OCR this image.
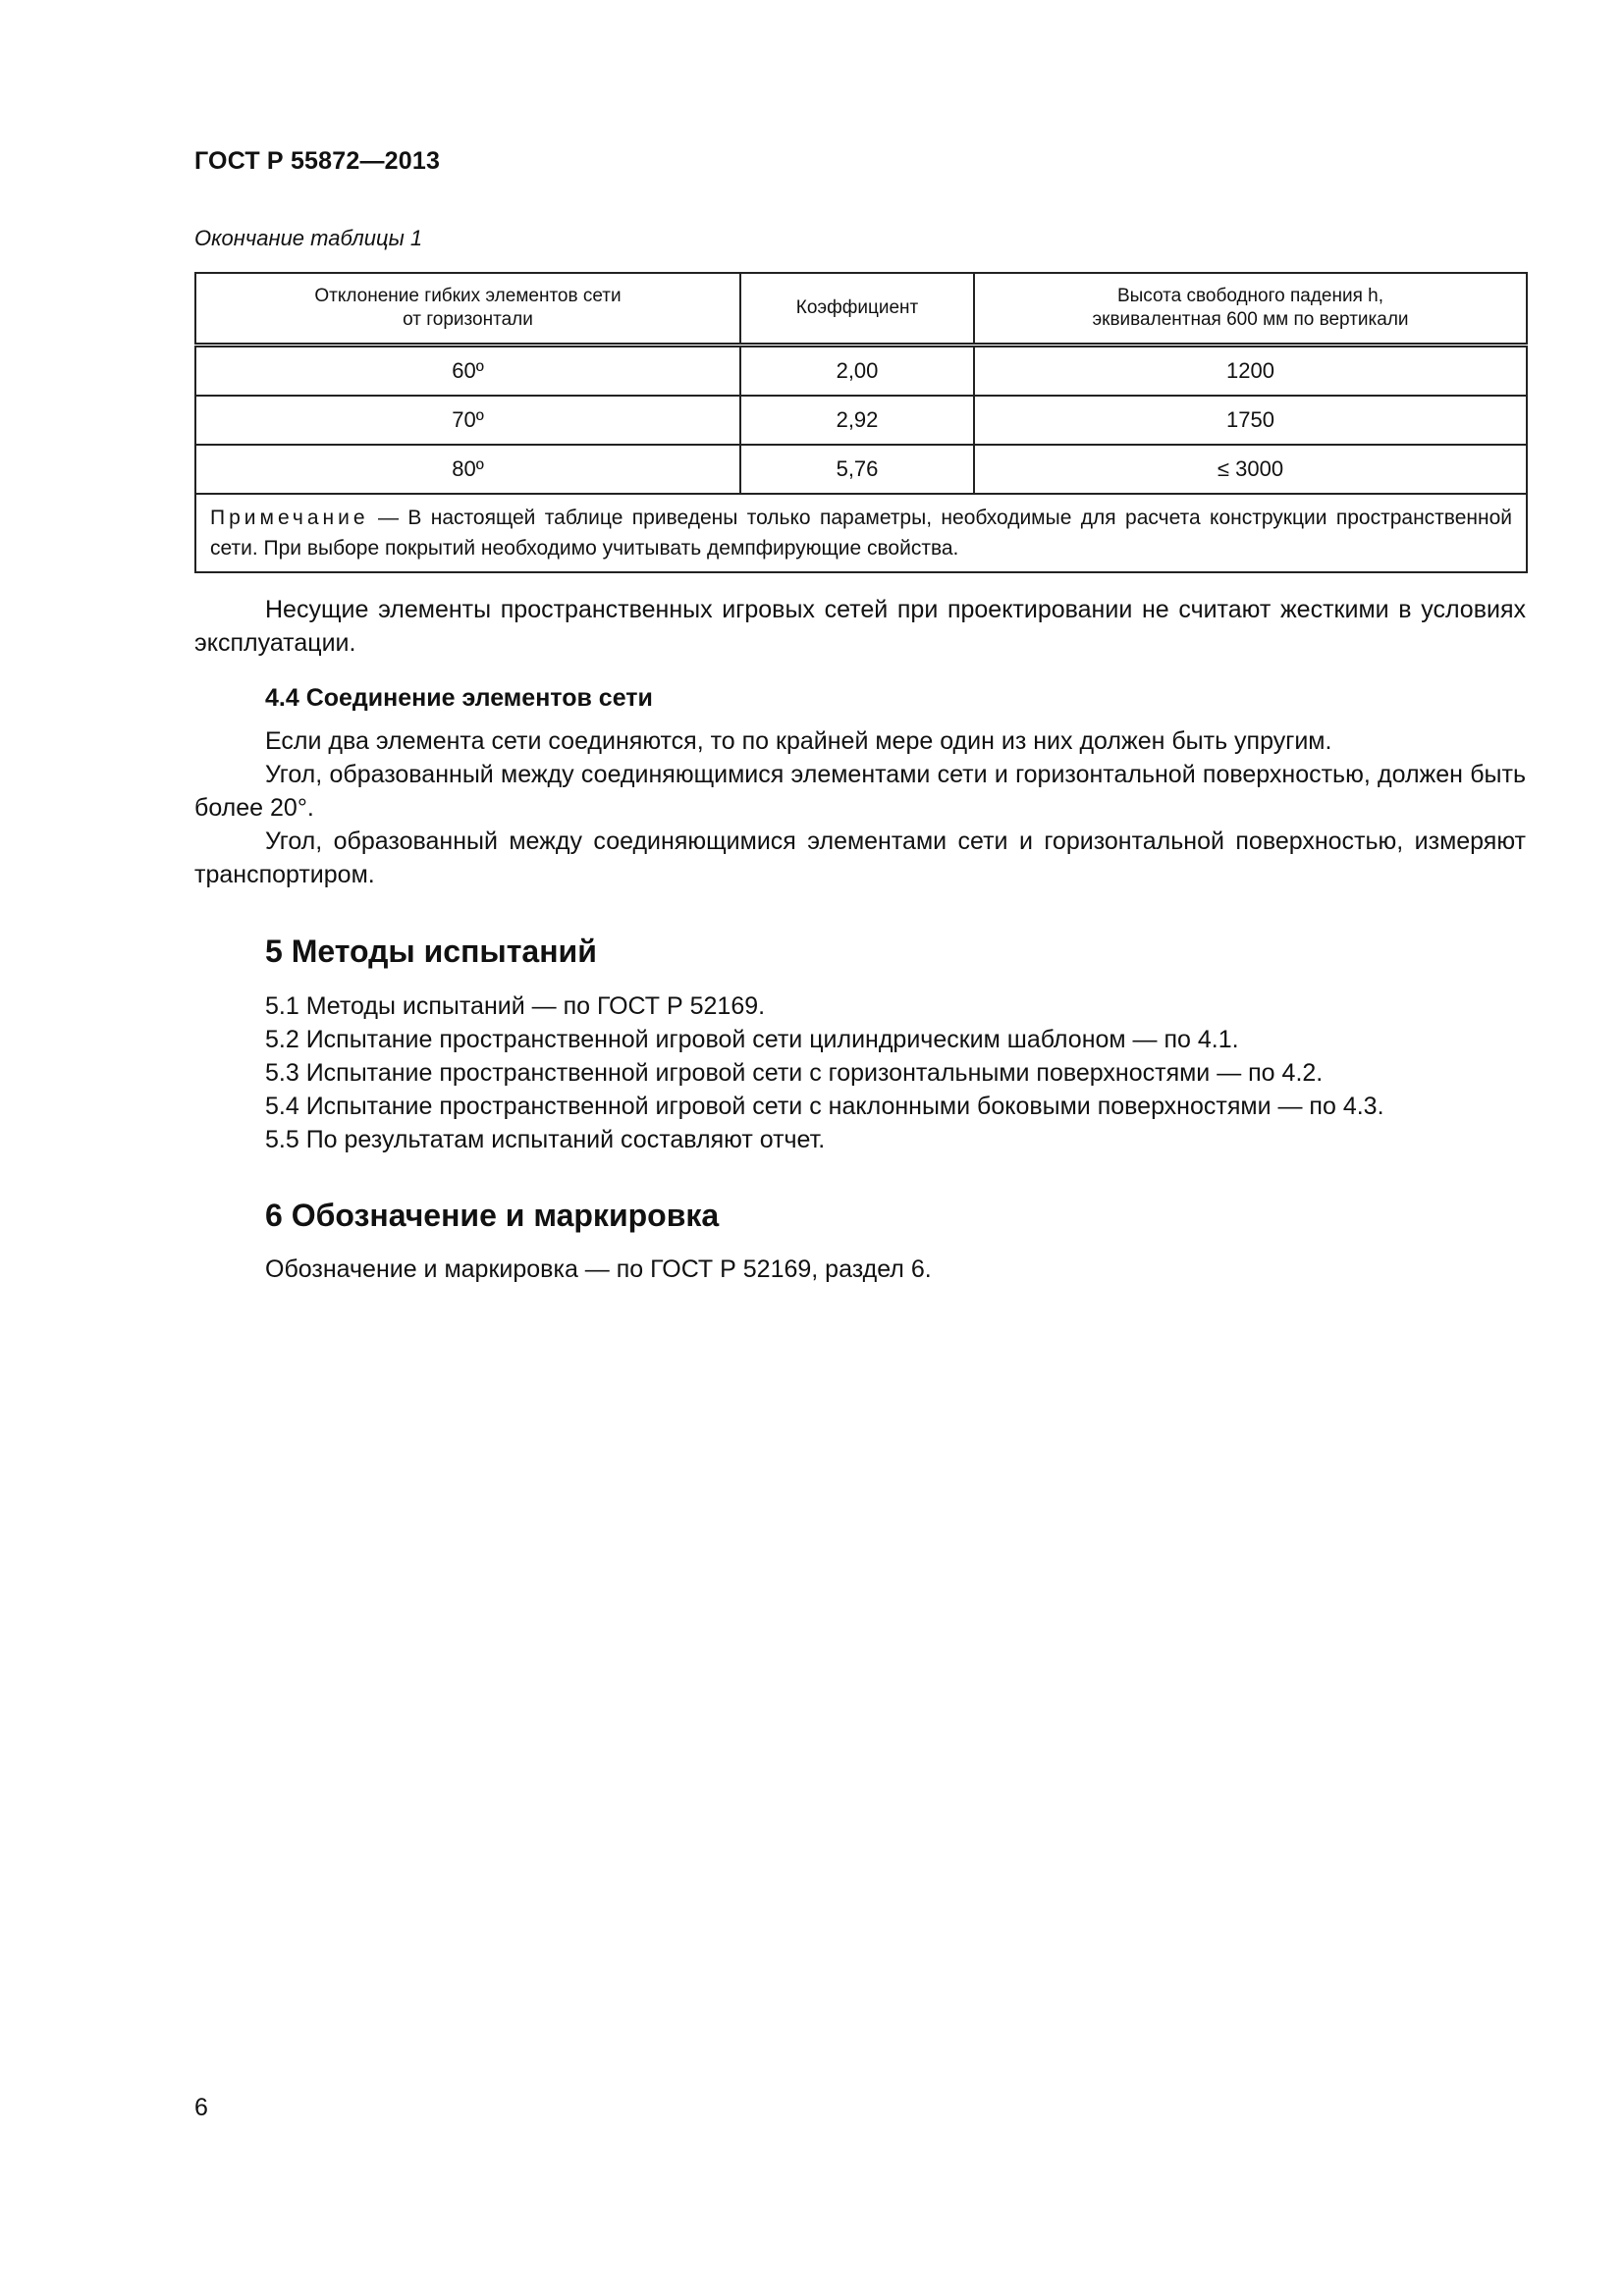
ГОСТ Р 55872—2013
Окончание таблицы 1
Отклонение гибких элементов сети
от горизонтали	Коэффициент	Высота свободного падения h,
эквивалентная 600 мм по вертикали
60º	2,00	1200
70º	2,92	1750
80º	5,76	≤ 3000
Примечание — В настоящей таблице приведены только параметры, необходимые для расчета конструкции пространственной сети. При выборе покрытий необходимо учитывать демпфирующие свойства.		

Несущие элементы пространственных игровых сетей при проектировании не считают жесткими в условиях эксплуатации.

4.4 Соединение элементов сети

Если два элемента сети соединяются, то по крайней мере один из них должен быть упругим.

Угол, образованный между соединяющимися элементами сети и горизонтальной поверхностью, должен быть более 20°.

Угол, образованный между соединяющимися элементами сети и горизонтальной поверхностью, измеряют транспортиром.

5 Методы испытаний
5.1 Методы испытаний — по ГОСТ Р 52169.
5.2 Испытание пространственной игровой сети цилиндрическим шаблоном — по 4.1.
5.3 Испытание пространственной игровой сети с горизонтальными поверхностями — по 4.2.
5.4 Испытание пространственной игровой сети с наклонными боковыми поверхностями — по 4.3.
5.5 По результатам испытаний составляют отчет.
6 Обозначение и маркировка
Обозначение и маркировка — по ГОСТ Р 52169, раздел 6.
6
